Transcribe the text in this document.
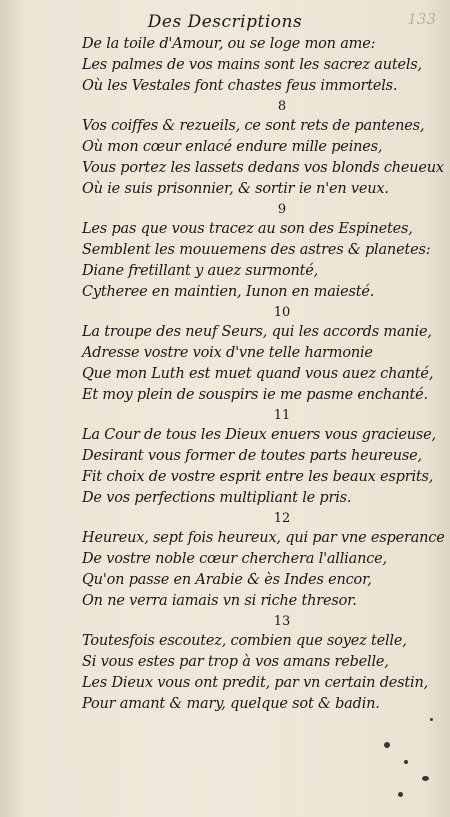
Des Descriptions	133
De la toile d'Amour, ou se loge mon ame:
Les palmes de vos mains sont les sacrez autels,
Où les Vestales font chastes feus immortels.
8
Vos coiffes & rezueils, ce sont rets de pantenes,
Où mon cœur enlacé endure mille peines,
Vous portez les lassets dedans vos blonds cheueux
Où ie suis prisonnier, & sortir ie n'en veux.
9
Les pas que vous tracez au son des Espinetes,
Semblent les mouuemens des astres & planetes:
Diane fretillant y auez surmonté,
Cytheree en maintien, Iunon en maiesté.
10
La troupe des neuf Seurs, qui les accords manie,
Adresse vostre voix d'vne telle harmonie
Que mon Luth est muet quand vous auez chanté,
Et moy plein de souspirs ie me pasme enchanté.
11
La Cour de tous les Dieux enuers vous gracieuse,
Desirant vous former de toutes parts heureuse,
Fit choix de vostre esprit entre les beaux esprits,
De vos perfections multipliant le pris.
12
Heureux, sept fois heureux, qui par vne esperance
De vostre noble cœur cherchera l'alliance,
Qu'on passe en Arabie & ès Indes encor,
On ne verra iamais vn si riche thresor.
13
Toutesfois escoutez, combien que soyez telle,
Si vous estes par trop à vos amans rebelle,
Les Dieux vous ont predit, par vn certain destin,
Pour amant & mary, quelque sot & badin.
